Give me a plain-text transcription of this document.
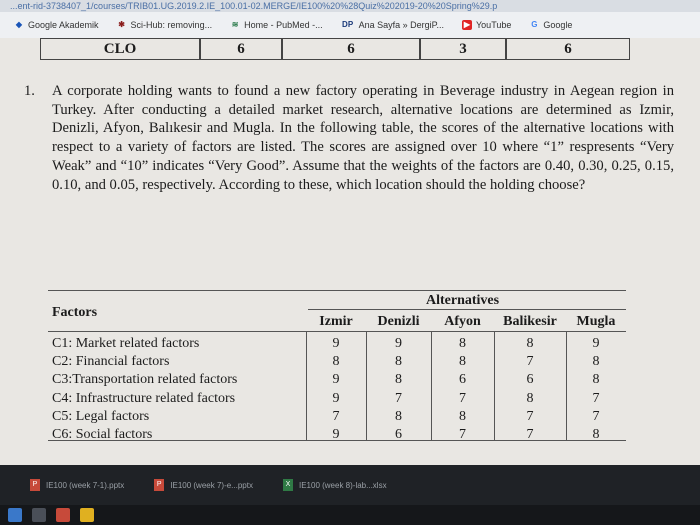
...ent-rid-3738407_1/courses/TRIB01.UG.2019.2.IE_100.01-02.MERGE/IE100%20%28Quiz%202019-20%20Spring%29.p
◆ Google Akademik ✱ Sci-Hub: removing... ≋ Home - PubMed -... DP Ana Sayfa » DergiP... ▶ YouTube G Google
CLO	6	6	3	6
1.	A corporate holding wants to found a new factory operating in Beverage industry in Aegean region in Turkey. After conducting a detailed market research, alternative locations are determined as Izmir, Denizli, Afyon, Balıkesir and Mugla. In the following table, the scores of the alternative locations with respect to a variety of factors are listed. The scores are assigned over 10 where “1” respresents “Very Weak” and “10” indicates “Very Good”. Assume that the weights of the factors are 0.40, 0.30, 0.25, 0.15, 0.10, and 0.05, respectively. According to these, which location should the holding choose?
Factors
Alternatives
Izmir	Denizli	Afyon	Balikesir	Mugla
C1: Market related factors	9	9	8	8	9
C2: Financial factors	8	8	8	7	8
C3:Transportation related factors	9	8	6	6	8
C4: Infrastructure related factors	9	7	7	8	7
C5: Legal factors	7	8	8	7	7
C6: Social factors	9	6	7	7	8
P	IE100 (week 7-1).pptx	P	IE100 (week 7)-e...pptx	X	IE100 (week 8)-lab...xlsx
